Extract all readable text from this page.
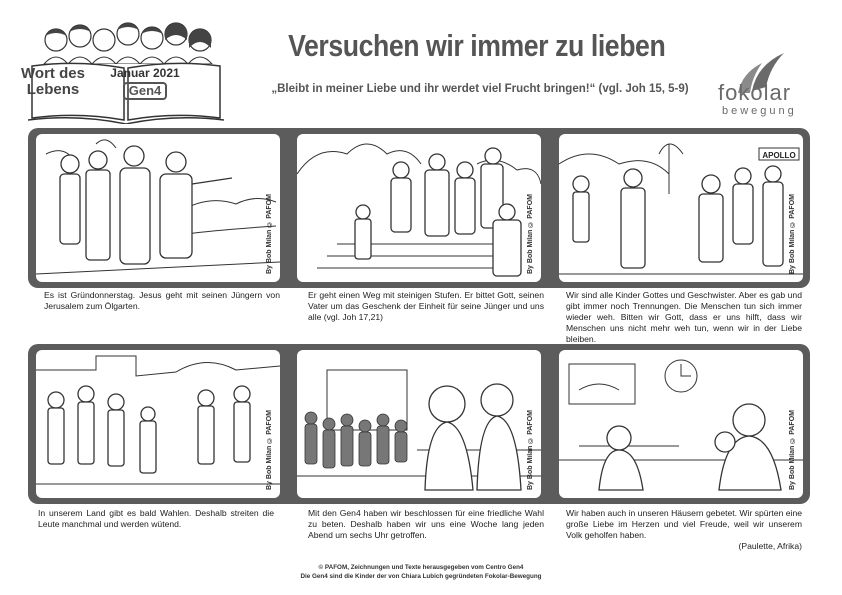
Wort des
Lebens
Januar 2021
Gen4
Versuchen wir immer zu lieben
„Bleibt in meiner Liebe und ihr werdet viel Frucht bringen!“ (vgl. Joh 15, 5-9)	fokolar
bewegung
By Bob Milan © PAFOM	By Bob Milan © PAFOM
APOLLO
By Bob Milan © PAFOM
Es ist Gründonnerstag. Jesus geht mit seinen Jüngern von Jerusalem zum Ölgarten.
Er geht einen Weg mit steinigen Stufen. Er bittet Gott, seinen Vater um das Geschenk der Einheit für seine Jünger und uns alle (vgl. Joh 17,21)
Wir sind alle Kinder Gottes und Geschwister. Aber es gab und gibt immer noch Trennungen. Die Menschen tun sich immer wieder weh. Bitten wir Gott, dass er uns hilft, dass wir Menschen uns nicht mehr weh tun, wenn wir in der Liebe bleiben.
By Bob Milan © PAFOM	By Bob Milan © PAFOM	By Bob Milan © PAFOM
In unserem Land gibt es bald Wahlen. Deshalb streiten die Leute manchmal und werden wütend.
Mit den Gen4 haben wir beschlossen für eine friedliche Wahl zu beten. Deshalb haben wir uns eine Woche lang jeden Abend um sechs Uhr getroffen.
Wir haben auch in unseren Häusern gebetet. Wir spürten eine große Liebe im Herzen und viel Freude, weil wir unserem Volk geholfen haben.
(Paulette, Afrika)
© PAFOM, Zeichnungen und Texte herausgegeben vom Centro Gen4
Die Gen4 sind die Kinder der von Chiara Lubich gegründeten Fokolar-Bewegung
